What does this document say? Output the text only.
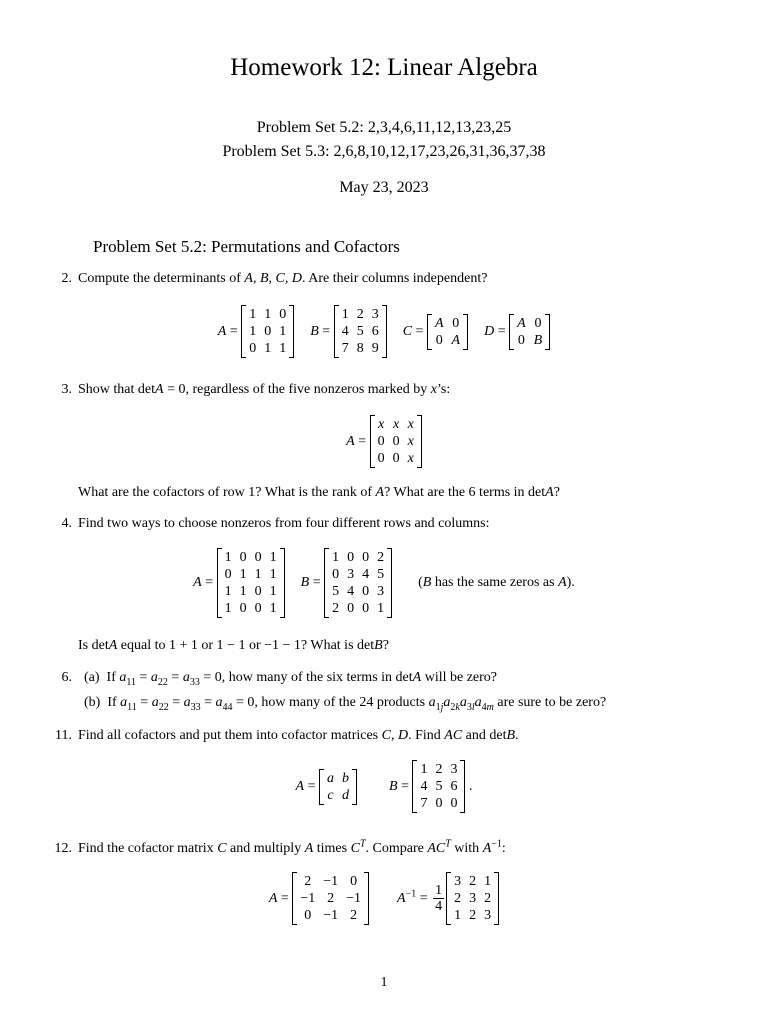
Homework 12: Linear Algebra
Problem Set 5.2: 2,3,4,6,11,12,13,23,25
Problem Set 5.3: 2,6,8,10,12,17,23,26,31,36,37,38
May 23, 2023
Problem Set 5.2: Permutations and Cofactors
2. Compute the determinants of A, B, C, D. Are their columns independent?
A =
1 1 0
1 0 1
0 1 1
B =
1 2 3
4 5 6
7 8 9
C =
A 0
0 A
D =
A 0
0 B
3. Show that detA = 0, regardless of the five nonzeros marked by x’s:
A =
x x x
0 0 x
0 0 x
What are the cofactors of row 1? What is the rank of A? What are the 6 terms in detA?
4. Find two ways to choose nonzeros from four different rows and columns:
A =
1 0 0 1
0 1 1 1
1 1 0 1
1 0 0 1
B =
1 0 0 2
0 3 4 5
5 4 0 3
2 0 0 1
(B has the same zeros as A).
Is detA equal to 1 + 1 or 1 − 1 or −1 − 1? What is detB?
6. (a) If $a_{11} = a_{22} = a_{33} = 0$, how many of the six terms in detA will be zero?
(b) If $a_{11} = a_{22} = a_{33} = a_{44} = 0$, how many of the 24 products $a_{1j}a_{2k}a_{3l}a_{4m}$ are sure to be zero?
11. Find all cofactors and put them into cofactor matrices C, D. Find AC and detB.
A =
a b
c d
B =
1 2 3
4 5 6
7 0 0
.
12. Find the cofactor matrix C and multiply A times $C^T$. Compare $AC^T$ with $A^{-1}$:
A =
2 −1 0
−1 2 −1
0 −1 2
$A^{-1} = \frac{1}{4}$
3 2 1
2 3 2
1 2 3
1
